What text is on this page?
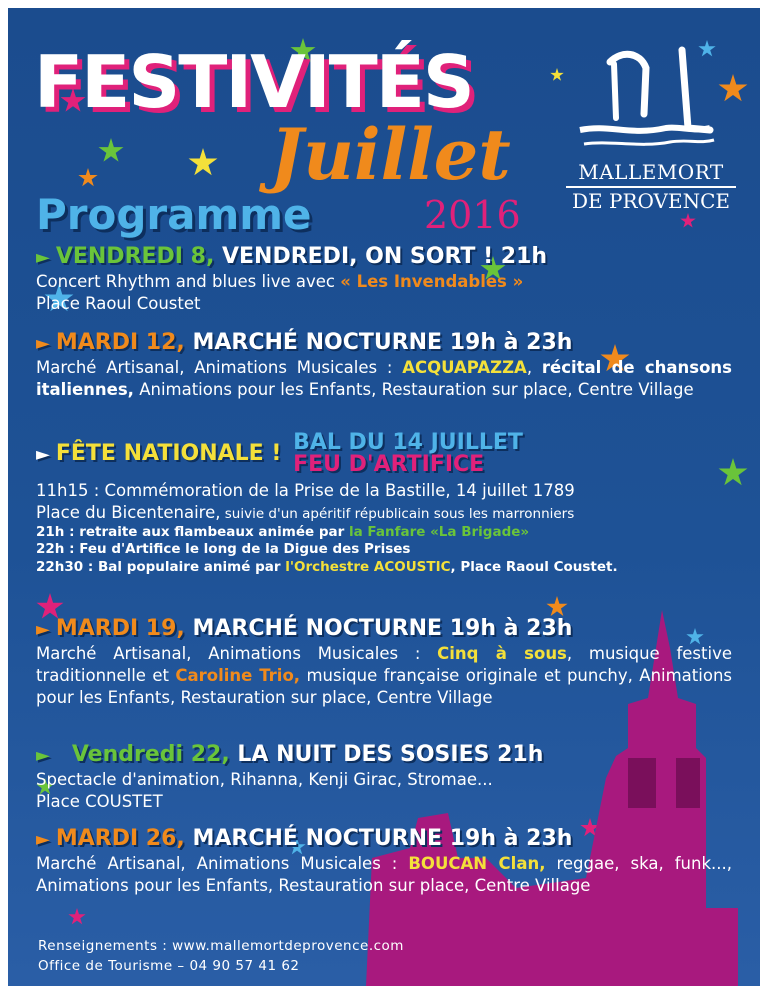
FESTIVITÉS
Juillet
Programme	2016
MALLEMORT
DE PROVENCE
► VENDREDI 8, VENDREDI, ON SORT ! 21h
Concert Rhythm and blues live avec « Les Invendables »
Place Raoul Coustet
► MARDI 12, MARCHÉ NOCTURNE 19h à 23h
Marché Artisanal, Animations Musicales : ACQUAPAZZA, récital de chansons italiennes, Animations pour les Enfants, Restauration sur place, Centre Village
► FÊTE NATIONALE ! BAL DU 14 JUILLET
FEU D'ARTIFICE
11h15 : Commémoration de la Prise de la Bastille, 14 juillet 1789
Place du Bicentenaire, suivie d'un apéritif républicain sous les marronniers
21h : retraite aux flambeaux animée par la Fanfare «La Brigade»
22h : Feu d'Artifice le long de la Digue des Prises
22h30 : Bal populaire animé par l'Orchestre ACOUSTIC, Place Raoul Coustet.
► MARDI 19, MARCHÉ NOCTURNE 19h à 23h
Marché Artisanal, Animations Musicales : Cinq à sous, musique festive traditionnelle et Caroline Trio, musique française originale et punchy, Animations pour les Enfants, Restauration sur place, Centre Village
► Vendredi 22, LA NUIT DES SOSIES 21h
Spectacle d'animation, Rihanna, Kenji Girac, Stromae...
Place COUSTET
► MARDI 26, MARCHÉ NOCTURNE 19h à 23h
Marché Artisanal, Animations Musicales : BOUCAN Clan, reggae, ska, funk..., Animations pour les Enfants, Restauration sur place, Centre Village
Renseignements : www.mallemortdeprovence.com
Office de Tourisme – 04 90 57 41 62
